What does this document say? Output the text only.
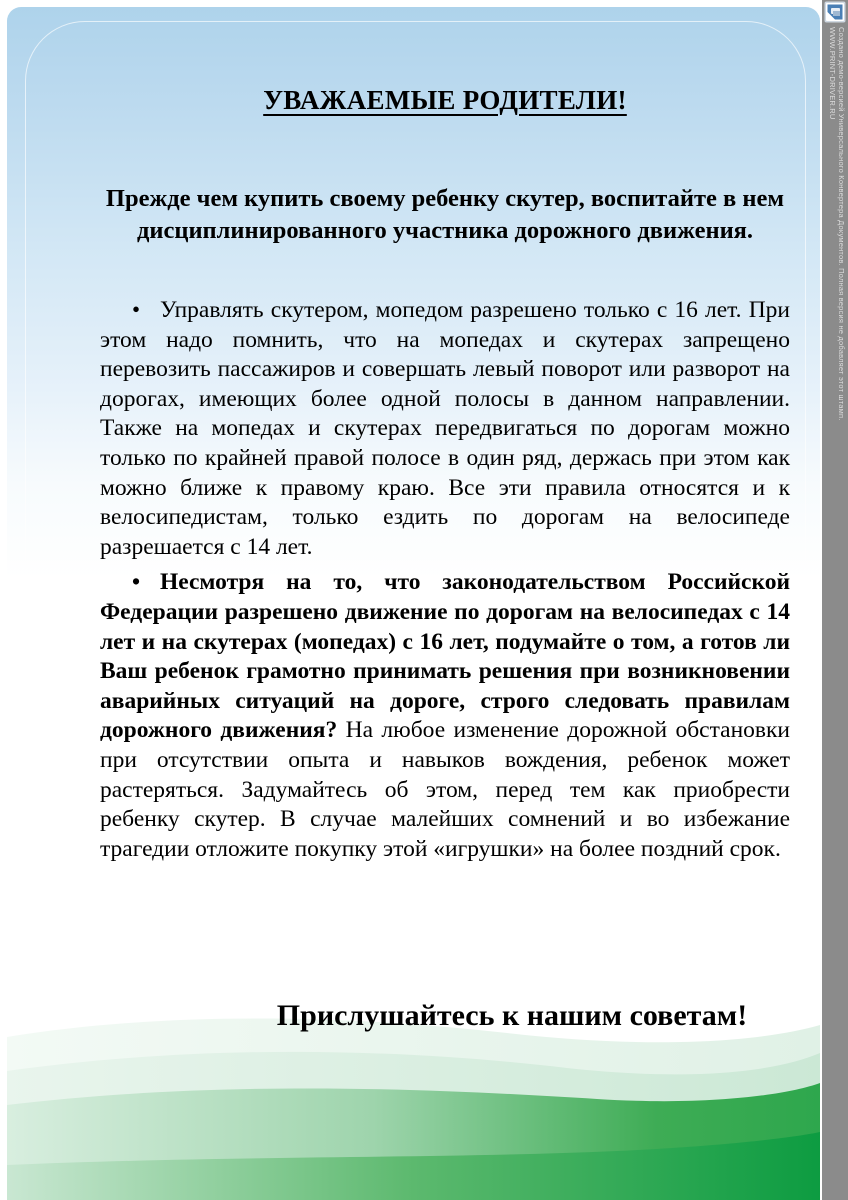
УВАЖАЕМЫЕ РОДИТЕЛИ!
Прежде чем купить своему ребенку скутер, воспитайте в нем дисциплинированного участника дорожного движения.

• Управлять скутером, мопедом разрешено только с 16 лет. При этом надо помнить, что на мопедах и скутерах запрещено перевозить пассажиров и совершать левый поворот или разворот на дорогах, имеющих более одной полосы в данном направлении. Также на мопедах и скутерах передвигаться по дорогам можно только по крайней правой полосе в один ряд, держась при этом как можно ближе к правому краю. Все эти правила относятся и к велосипедистам, только ездить по дорогам на велосипеде разрешается с 14 лет.

• Несмотря на то, что законодательством Российской Федерации разрешено движение по дорогам на велосипедах с 14 лет и на скутерах (мопедах) с 16 лет, подумайте о том, а готов ли Ваш ребенок грамотно принимать решения при возникновении аварийных ситуаций на дороге, строго следовать правилам дорожного движения? На любое изменение дорожной обстановки при отсутствии опыта и навыков вождения, ребенок может растеряться. Задумайтесь об этом, перед тем как приобрести ребенку скутер. В случае малейших сомнений и во избежание трагедии отложите покупку этой «игрушки» на более поздний срок.

Прислушайтесь к нашим советам!
Создано демо-версией Универсального Конвертера Документов. Полная версия не добавляет этот штамп.
WWW.PRINT-DRIVER.RU
